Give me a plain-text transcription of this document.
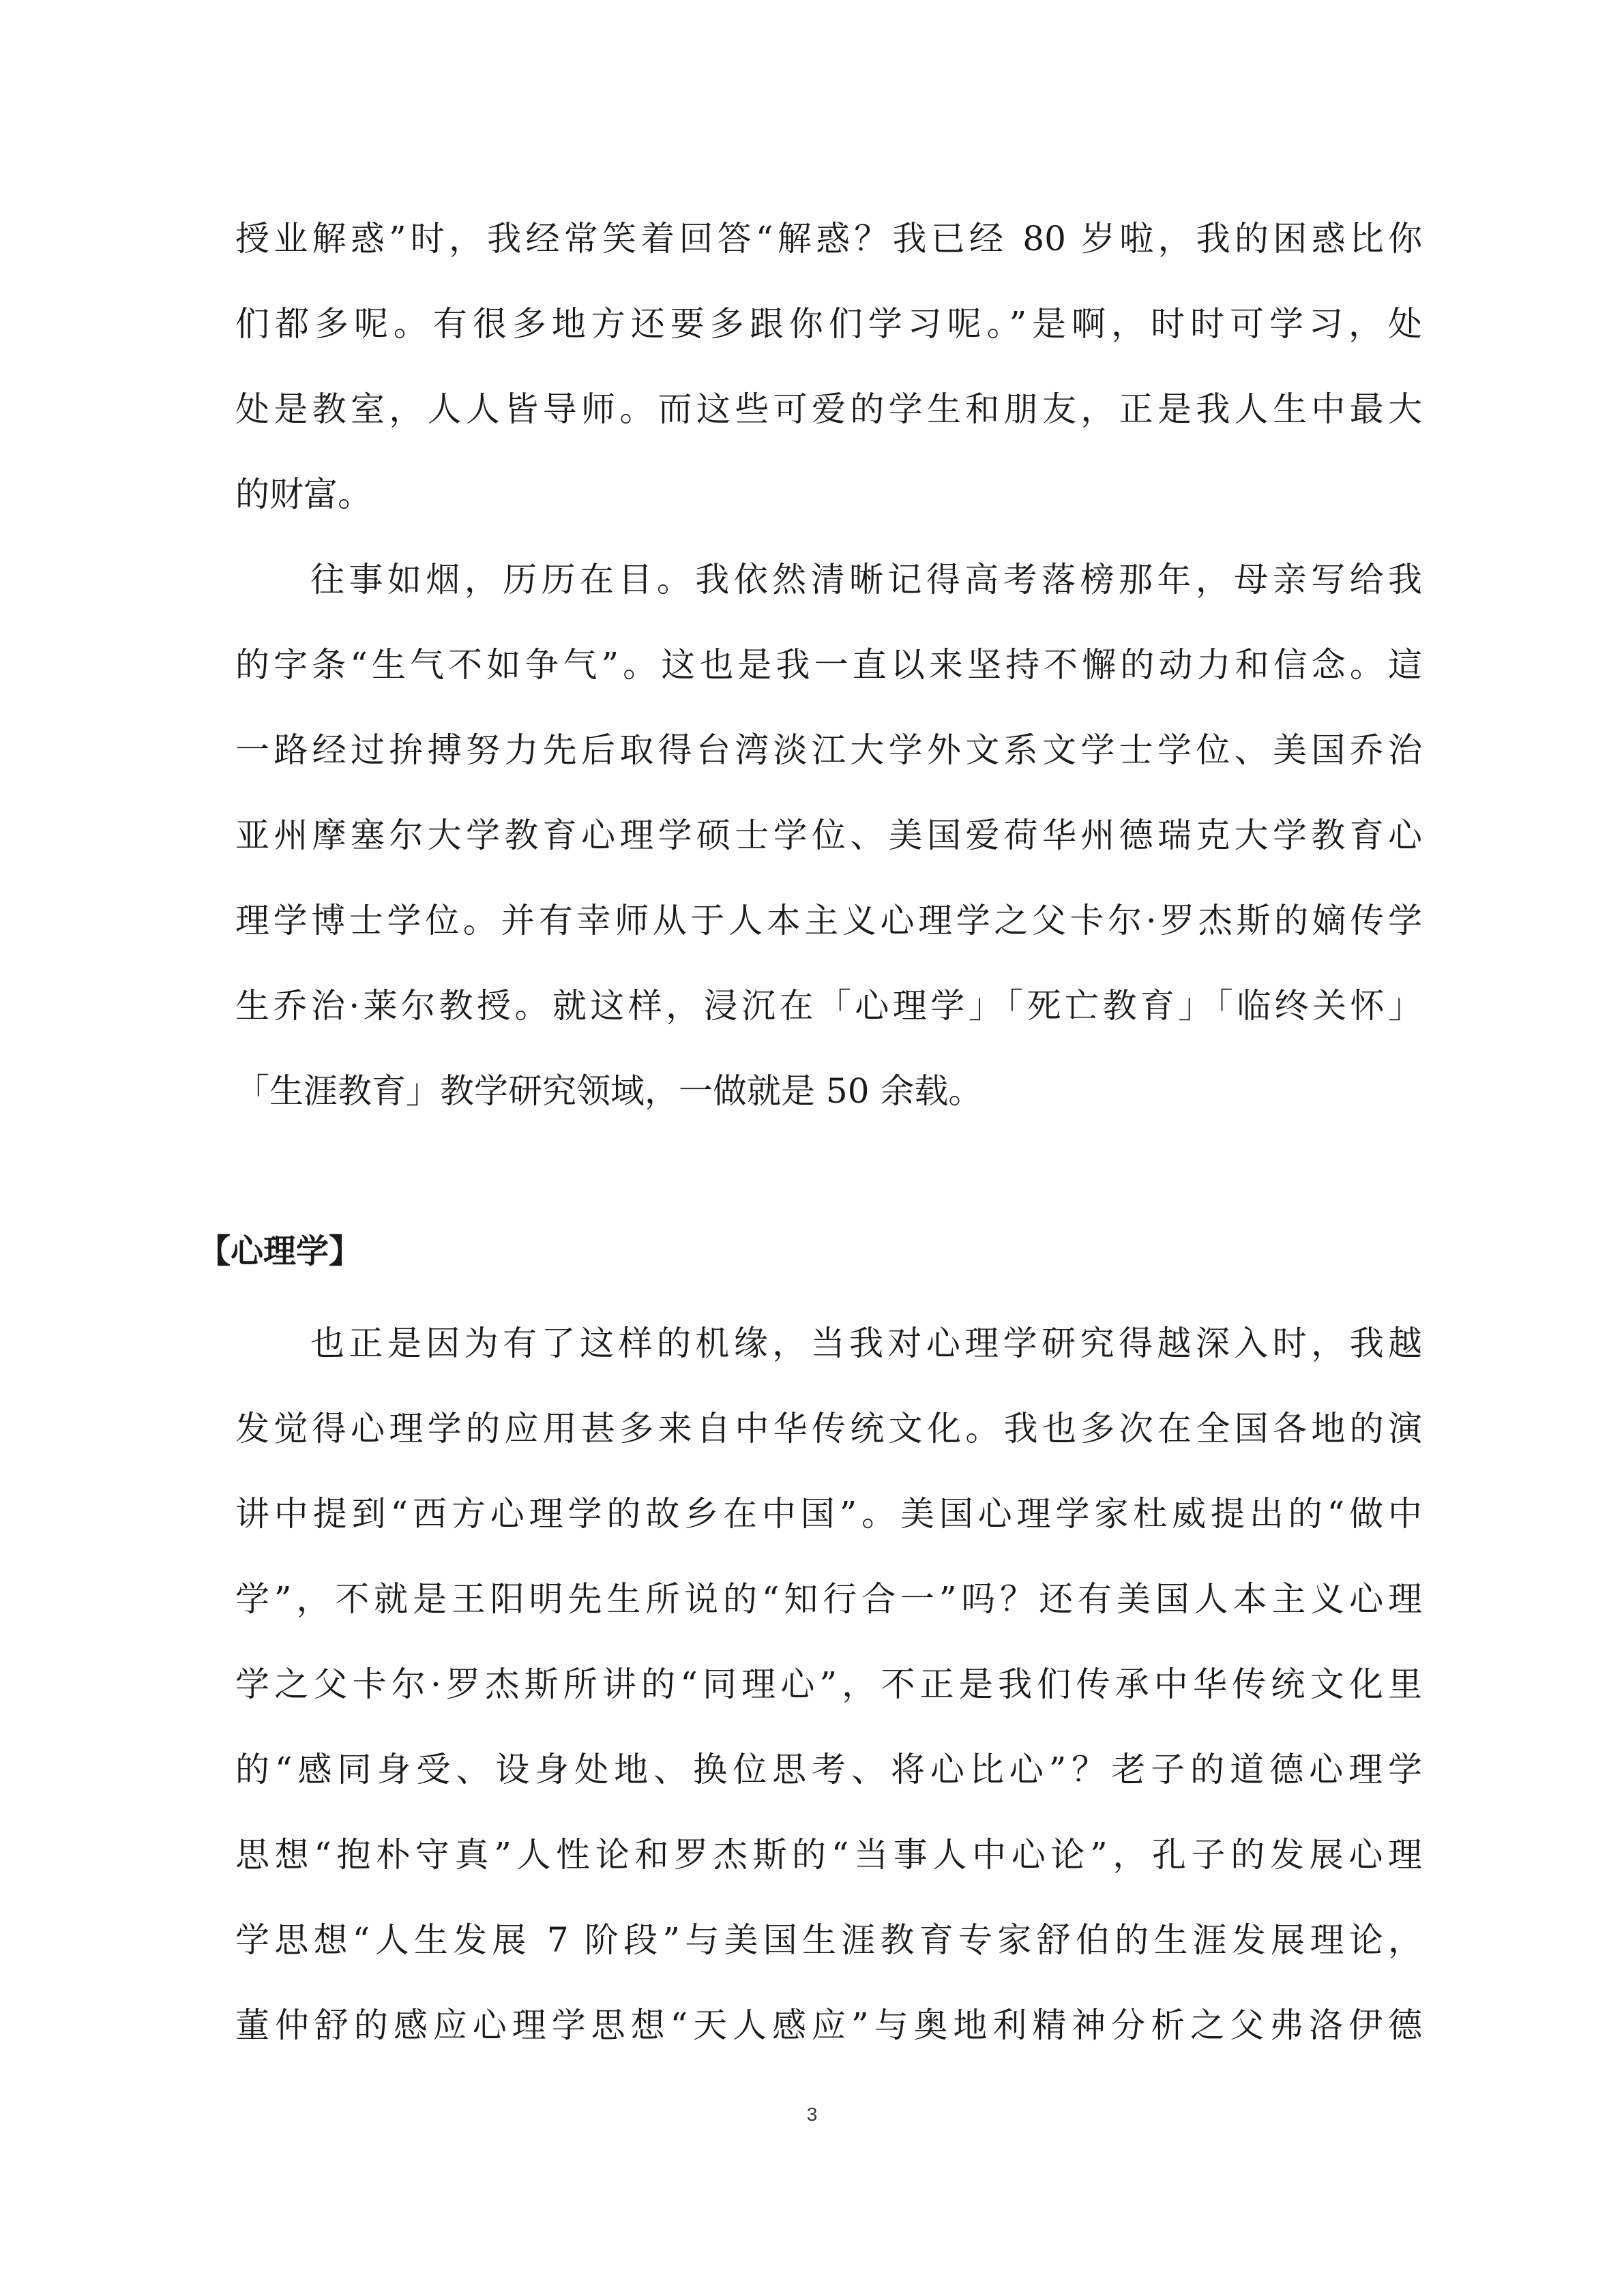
授业解惑”时，我经常笑着回答“解惑？我已经 80 岁啦，我的困惑比你
们都多呢。有很多地方还要多跟你们学习呢。”是啊，时时可学习，处
处是教室，人人皆导师。而这些可爱的学生和朋友，正是我人生中最大
的财富。
往事如烟，历历在目。我依然清晰记得高考落榜那年，母亲写给我
的字条“生气不如争气”。这也是我一直以来坚持不懈的动力和信念。這
一路经过拚搏努力先后取得台湾淡江大学外文系文学士学位、美国乔治
亚州摩塞尔大学教育心理学硕士学位、美国爱荷华州德瑞克大学教育心
理学博士学位。并有幸师从于人本主义心理学之父卡尔·罗杰斯的嫡传学
生乔治·莱尔教授。就这样，浸沉在「心理学」「死亡教育」「临终关怀」
「生涯教育」教学研究领域，一做就是 50 余载。
【心理学】
也正是因为有了这样的机缘，当我对心理学研究得越深入时，我越
发觉得心理学的应用甚多来自中华传统文化。我也多次在全国各地的演
讲中提到“西方心理学的故乡在中国”。美国心理学家杜威提出的“做中
学”，不就是王阳明先生所说的“知行合一”吗？还有美国人本主义心理
学之父卡尔·罗杰斯所讲的“同理心”，不正是我们传承中华传统文化里
的“感同身受、设身处地、换位思考、将心比心”？老子的道德心理学
思想“抱朴守真”人性论和罗杰斯的“当事人中心论”，孔子的发展心理
学思想“人生发展 7 阶段”与美国生涯教育专家舒伯的生涯发展理论，
董仲舒的感应心理学思想“天人感应”与奥地利精神分析之父弗洛伊德
3
